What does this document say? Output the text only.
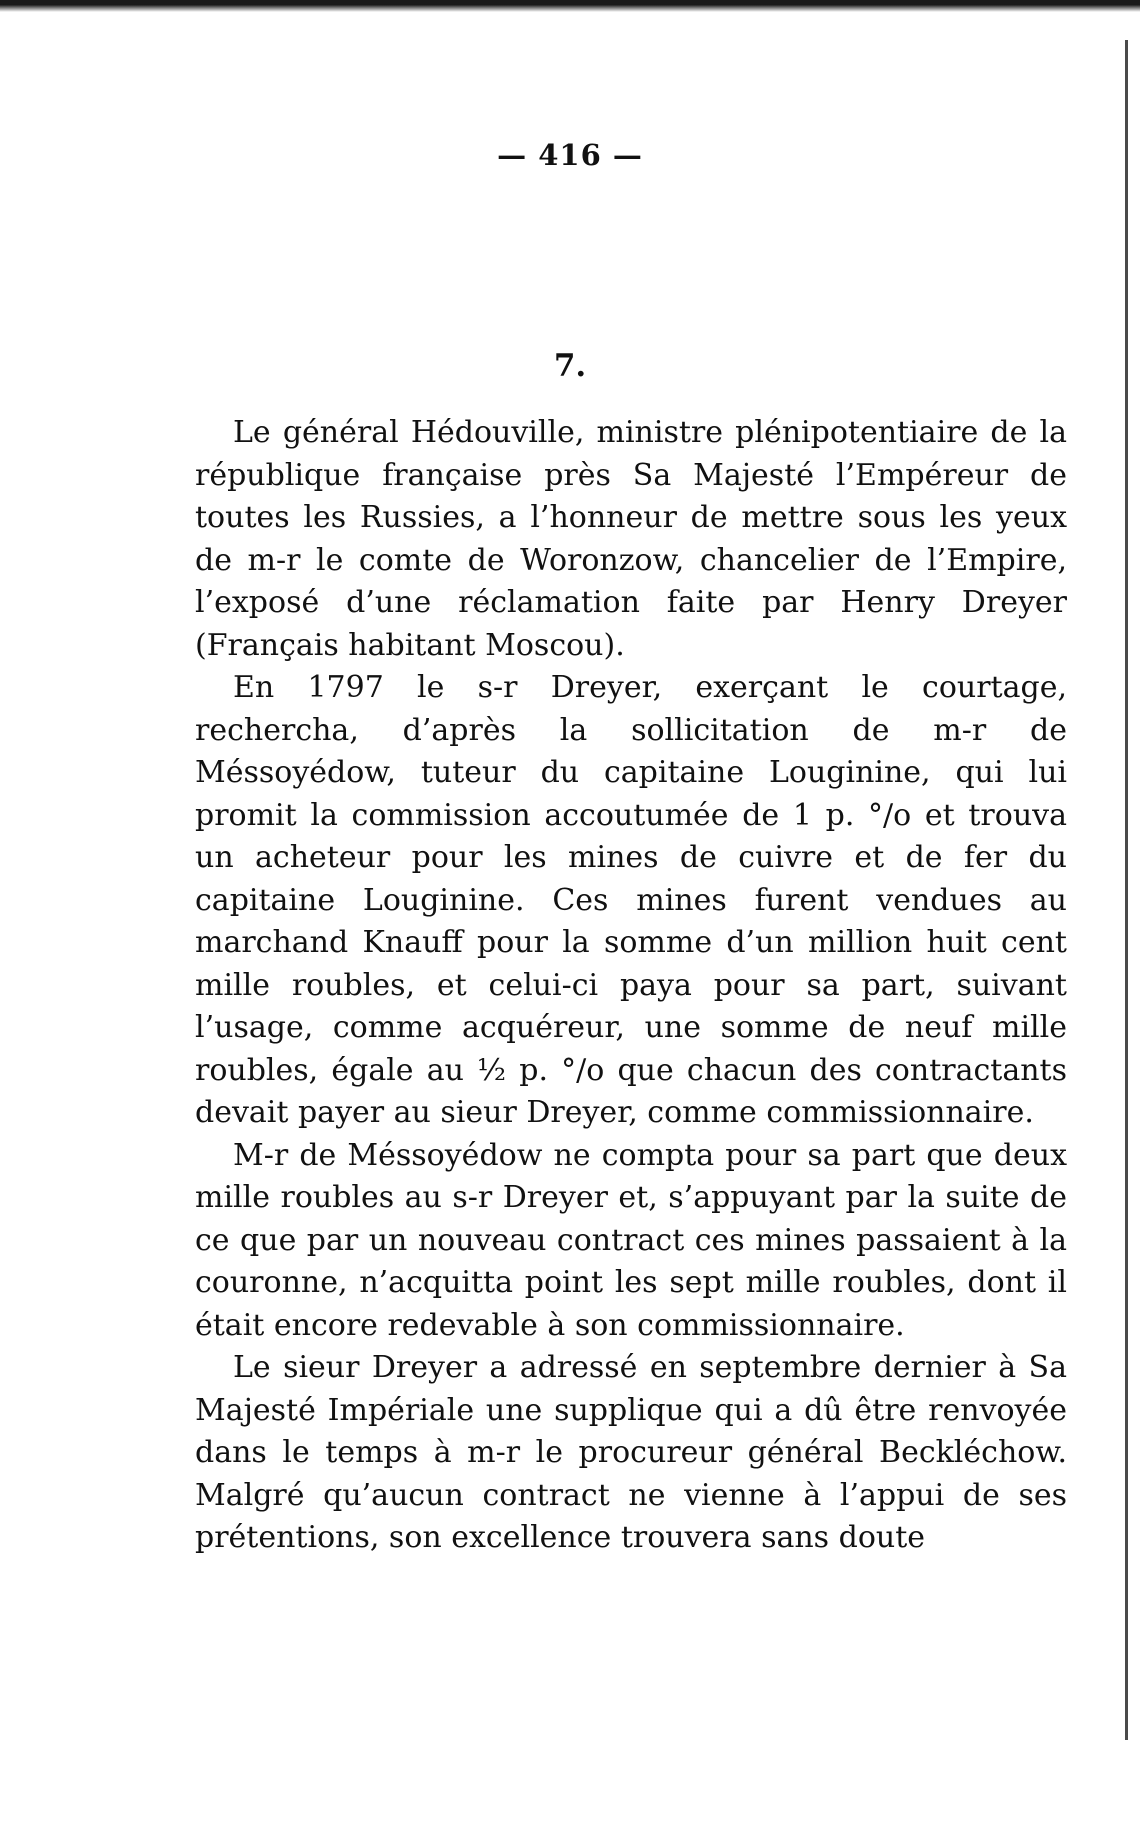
— 416 —
7.

Le général Hédouville, ministre plénipotentiaire de la république française près Sa Majesté l’Empéreur de toutes les Russies, a l’honneur de mettre sous les yeux de m-r le comte de Woronzow, chancelier de l’Empire, l’exposé d’une réclamation faite par Henry Dreyer (Français habitant Moscou).

En 1797 le s-r Dreyer, exerçant le courtage, rechercha, d’après la sollicitation de m-r de Méssoyédow, tuteur du capitaine Louginine, qui lui promit la commission accoutumée de 1 p. °/o et trouva un acheteur pour les mines de cuivre et de fer du capitaine Louginine. Ces mines furent vendues au marchand Knauff pour la somme d’un million huit cent mille roubles, et celui-ci paya pour sa part, suivant l’usage, comme acquéreur, une somme de neuf mille roubles, égale au ½ p. °/o que chacun des contractants devait payer au sieur Dreyer, comme commissionnaire.

M-r de Méssoyédow ne compta pour sa part que deux mille roubles au s-r Dreyer et, s’appuyant par la suite de ce que par un nouveau contract ces mines passaient à la couronne, n’acquitta point les sept mille roubles, dont il était encore redevable à son commissionnaire.

Le sieur Dreyer a adressé en septembre dernier à Sa Majesté Impériale une supplique qui a dû être renvoyée dans le temps à m-r le procureur général Beckléchow. Malgré qu’aucun contract ne vienne à l’appui de ses prétentions, son excellence trouvera sans doute
